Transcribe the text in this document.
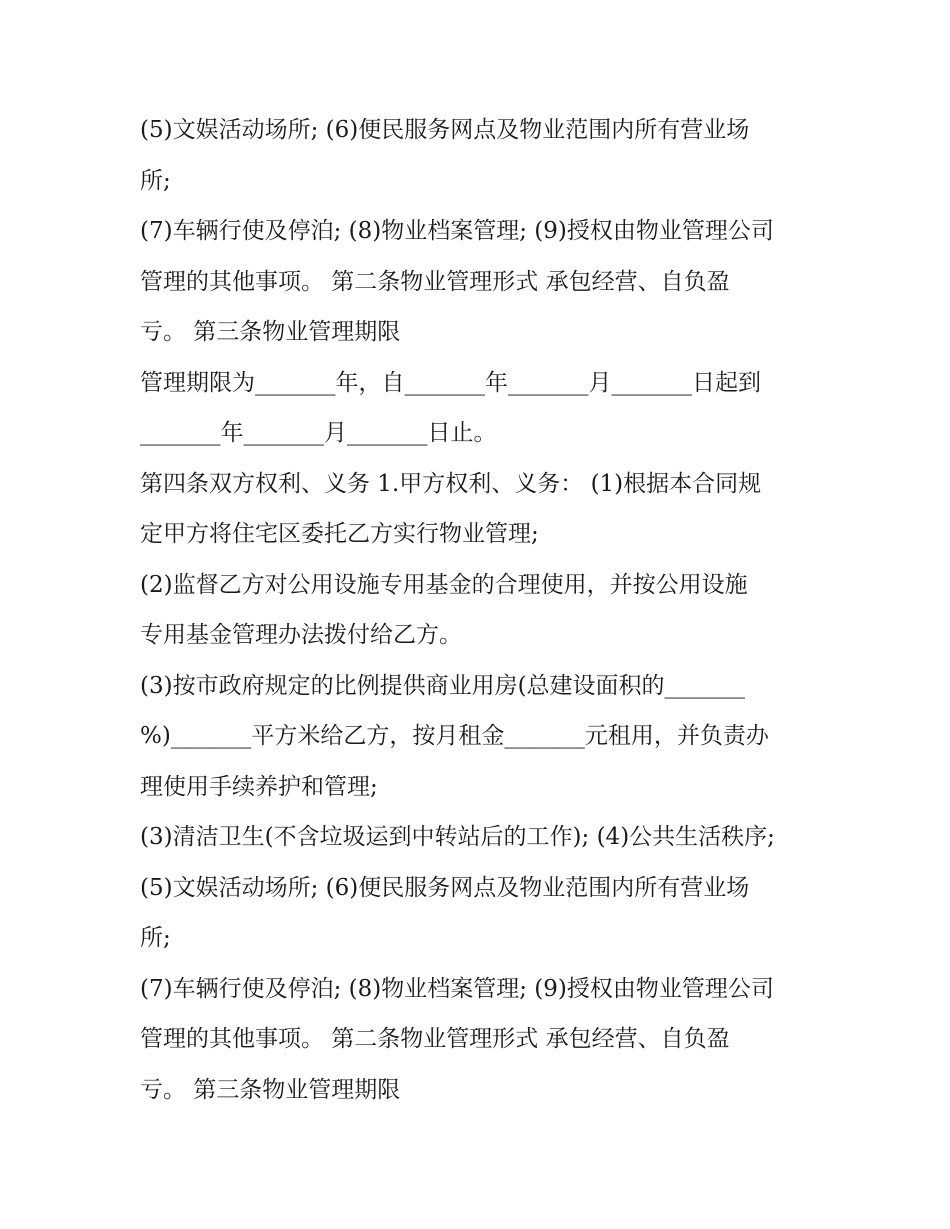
(5)文娱活动场所; (6)便民服务网点及物业范围内所有营业场
所;
(7)车辆行使及停泊; (8)物业档案管理; (9)授权由物业管理公司
管理的其他事项。 第二条物业管理形式 承包经营、自负盈
亏。 第三条物业管理期限
管理期限为_______年，自_______年_______月_______日起到
_______年_______月_______日止。
第四条双方权利、义务 1.甲方权利、义务： (1)根据本合同规
定甲方将住宅区委托乙方实行物业管理;
(2)监督乙方对公用设施专用基金的合理使用，并按公用设施
专用基金管理办法拨付给乙方。
(3)按市政府规定的比例提供商业用房(总建设面积的_______
%)_______平方米给乙方，按月租金_______元租用，并负责办
理使用手续养护和管理;
(3)清洁卫生(不含垃圾运到中转站后的工作); (4)公共生活秩序;
(5)文娱活动场所; (6)便民服务网点及物业范围内所有营业场
所;
(7)车辆行使及停泊; (8)物业档案管理; (9)授权由物业管理公司
管理的其他事项。 第二条物业管理形式 承包经营、自负盈
亏。 第三条物业管理期限
